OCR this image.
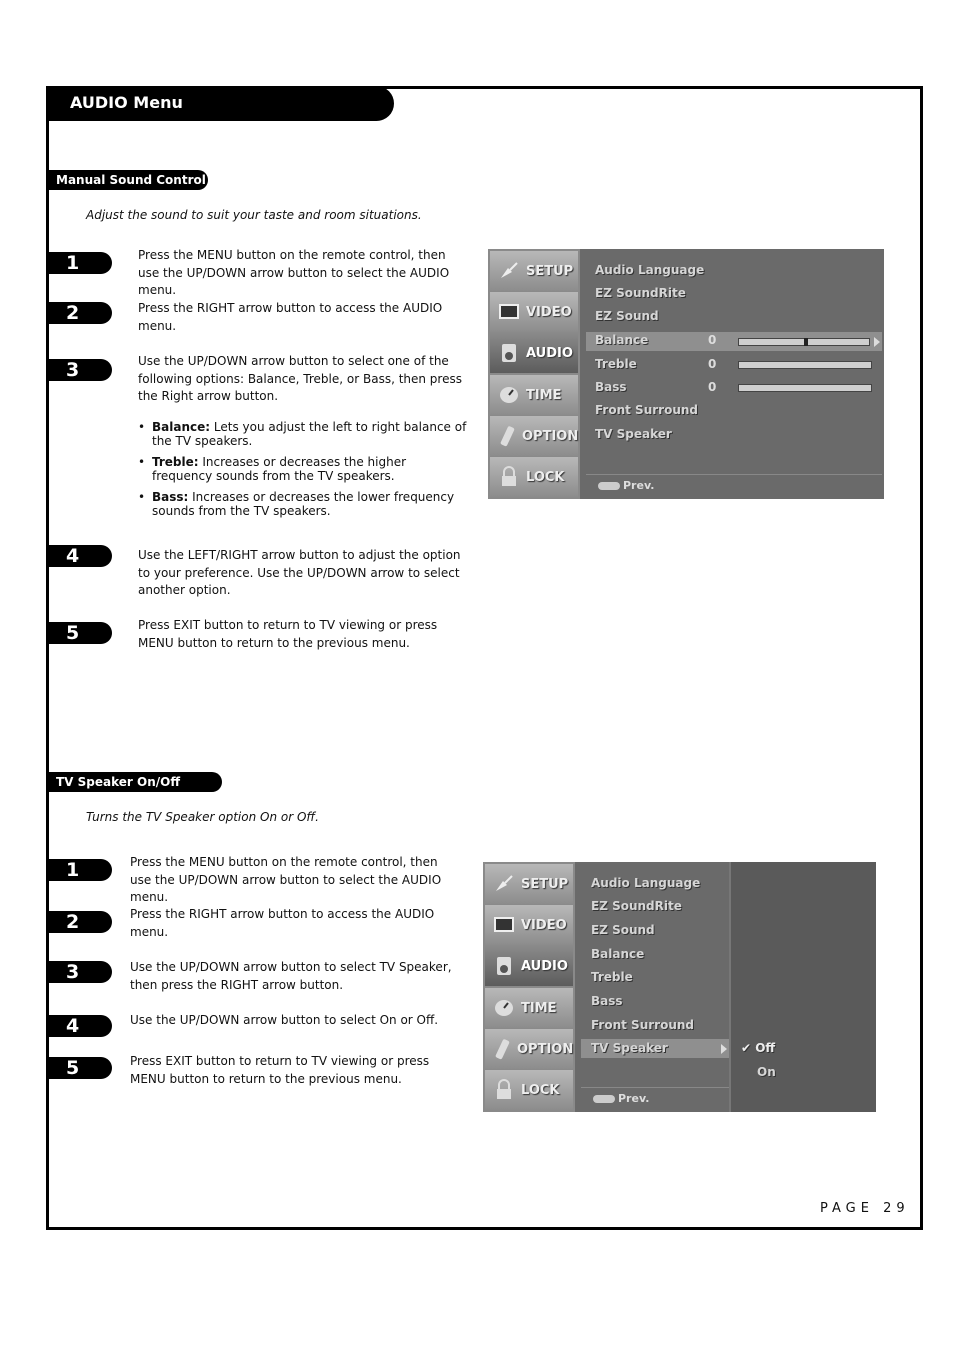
AUDIO Menu
Manual Sound Control
Adjust the sound to suit your taste and room situations.
1	Press the MENU button on the remote control, then use the UP/DOWN arrow button to select the AUDIO menu.
2	Press the RIGHT arrow button to access the AUDIO menu.
3	Use the UP/DOWN arrow button to select one of the following options: Balance, Treble, or Bass, then press the Right arrow button.
• Balance: Lets you adjust the left to right balance of the TV speakers.
• Treble: Increases or decreases the higher frequency sounds from the TV speakers.
• Bass: Increases or decreases the lower frequency sounds from the TV speakers.
4	Use the LEFT/RIGHT arrow button to adjust the option to your preference. Use the UP/DOWN arrow to select another option.
5	Press EXIT button to return to TV viewing or press MENU button to return to the previous menu.
SETUP
VIDEO
AUDIO
TIME
OPTION
LOCK
Audio Language
EZ SoundRite
EZ Sound
Balance
Treble
Bass
Front Surround
TV Speaker
0
0
0
Prev.
TV Speaker On/Off Setup
Turns the TV Speaker option On or Off.
1	Press the MENU button on the remote control, then use the UP/DOWN arrow button to select the AUDIO menu.
2	Press the RIGHT arrow button to access the AUDIO menu.
3	Use the UP/DOWN arrow button to select TV Speaker, then press the RIGHT arrow button.
4	Use the UP/DOWN arrow button to select On or Off.
5	Press EXIT button to return to TV viewing or press MENU button to return to the previous menu.
SETUP
VIDEO
AUDIO
TIME
OPTION
LOCK
Audio Language
EZ SoundRite
EZ Sound
Balance
Treble
Bass
Front Surround
TV Speaker	✔ Off
On
Prev.
PAGE 29
